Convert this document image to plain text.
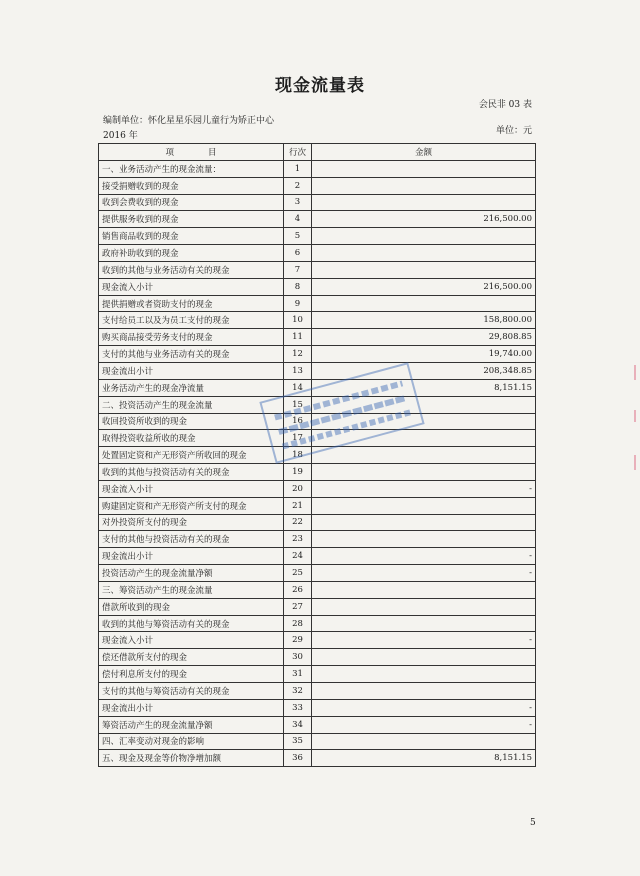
现金流量表
会民非 03 表
编制单位：怀化星星乐园儿童行为矫正中心
2016 年	单位：元
项　　　　目	行次	金额
一、业务活动产生的现金流量：	1	
接受捐赠收到的现金	2	
收到会费收到的现金	3	
提供服务收到的现金	4	216,500.00
销售商品收到的现金	5	
政府补助收到的现金	6	
收到的其他与业务活动有关的现金	7	
现金流入小计	8	216,500.00
提供捐赠或者资助支付的现金	9	
支付给员工以及为员工支付的现金	10	158,800.00
购买商品接受劳务支付的现金	11	29,808.85
支付的其他与业务活动有关的现金	12	19,740.00
现金流出小计	13	208,348.85
业务活动产生的现金净流量	14	8,151.15
二、投资活动产生的现金流量	15	
收回投资所收到的现金	16	
取得投资收益所收的现金	17	
处置固定资和产无形资产所收回的现金	18	
收到的其他与投资活动有关的现金	19	
现金流入小计	20	-
购建固定资和产无形资产所支付的现金	21	
对外投资所支付的现金	22	
支付的其他与投资活动有关的现金	23	
现金流出小计	24	-
投资活动产生的现金流量净额	25	-
三、筹资活动产生的现金流量	26	
借款所收到的现金	27	
收到的其他与筹资活动有关的现金	28	
现金流入小计	29	-
偿还借款所支付的现金	30	
偿付利息所支付的现金	31	
支付的其他与筹资活动有关的现金	32	
现金流出小计	33	-
筹资活动产生的现金流量净额	34	-
四、汇率变动对现金的影响	35	
五、现金及现金等价物净增加额	36	8,151.15
5
